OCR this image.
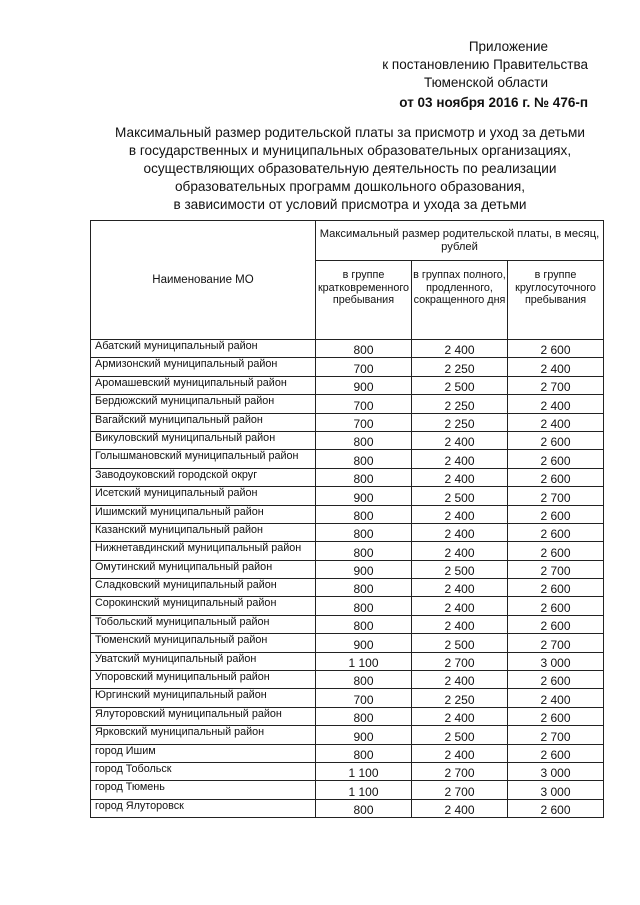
Приложение
к постановлению Правительства
Тюменской области
от 03 ноября 2016 г. № 476-п
Максимальный размер родительской платы за присмотр и уход за детьми
в государственных и муниципальных образовательных организациях,
осуществляющих образовательную деятельность по реализации
образовательных программ дошкольного образования,
в зависимости от условий присмотра и ухода за детьми
Наименование МО	Максимальный размер родительской платы, в месяц, рублей		
	в группе кратковременного пребывания	в группах полного, продленного, сокращенного дня	в группе круглосуточного пребывания
Абатский муниципальный район	800	2 400	2 600
Армизонский муниципальный район	700	2 250	2 400
Аромашевский муниципальный район	900	2 500	2 700
Бердюжский муниципальный район	700	2 250	2 400
Вагайский муниципальный район	700	2 250	2 400
Викуловский муниципальный район	800	2 400	2 600
Голышмановский муниципальный район	800	2 400	2 600
Заводоуковский городской округ	800	2 400	2 600
Исетский муниципальный район	900	2 500	2 700
Ишимский муниципальный район	800	2 400	2 600
Казанский муниципальный район	800	2 400	2 600
Нижнетавдинский муниципальный район	800	2 400	2 600
Омутинский муниципальный район	900	2 500	2 700
Сладковский муниципальный район	800	2 400	2 600
Сорокинский муниципальный район	800	2 400	2 600
Тобольский муниципальный район	800	2 400	2 600
Тюменский муниципальный район	900	2 500	2 700
Уватский муниципальный район	1 100	2 700	3 000
Упоровский муниципальный район	800	2 400	2 600
Юргинский муниципальный район	700	2 250	2 400
Ялуторовский муниципальный район	800	2 400	2 600
Ярковский муниципальный район	900	2 500	2 700
город Ишим	800	2 400	2 600
город Тобольск	1 100	2 700	3 000
город Тюмень	1 100	2 700	3 000
город Ялуторовск	800	2 400	2 600
